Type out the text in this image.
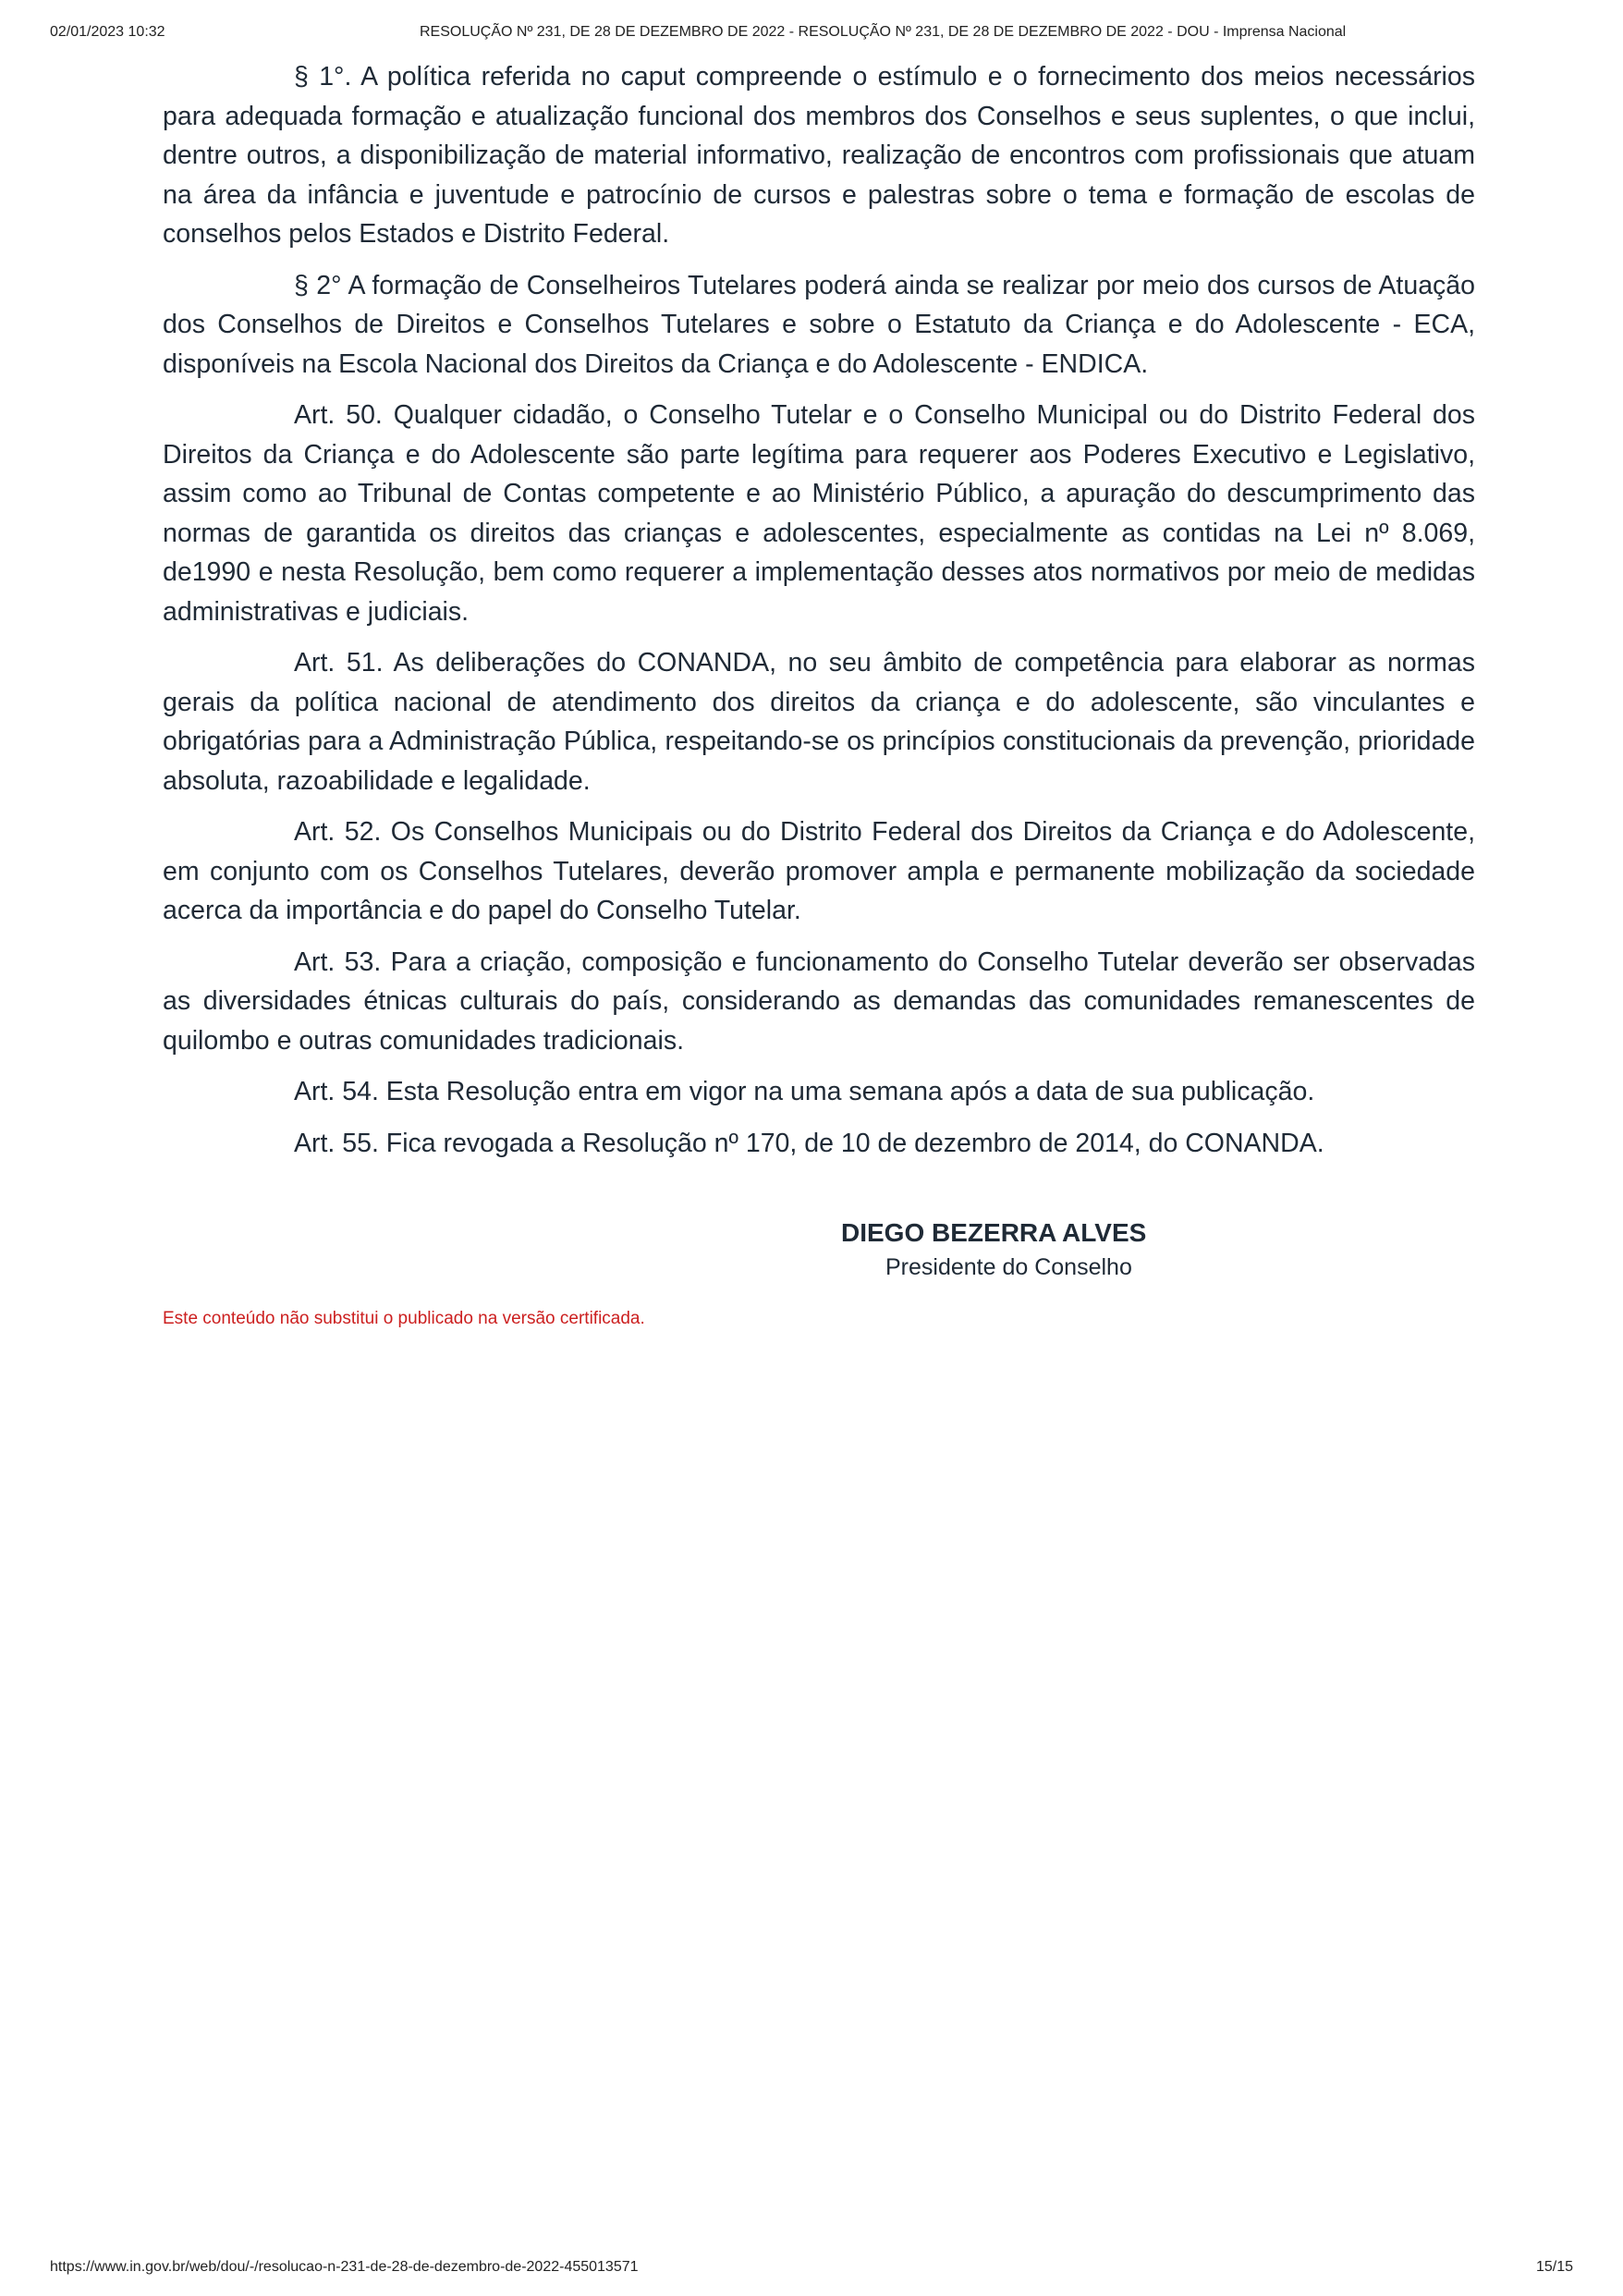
02/01/2023 10:32	RESOLUÇÃO Nº 231, DE 28 DE DEZEMBRO DE 2022 - RESOLUÇÃO Nº 231, DE 28 DE DEZEMBRO DE 2022 - DOU - Imprensa Nacional

§ 1°. A política referida no caput compreende o estímulo e o fornecimento dos meios necessários para adequada formação e atualização funcional dos membros dos Conselhos e seus suplentes, o que inclui, dentre outros, a disponibilização de material informativo, realização de encontros com profissionais que atuam na área da infância e juventude e patrocínio de cursos e palestras sobre o tema e formação de escolas de conselhos pelos Estados e Distrito Federal.

§ 2° A formação de Conselheiros Tutelares poderá ainda se realizar por meio dos cursos de Atuação dos Conselhos de Direitos e Conselhos Tutelares e sobre o Estatuto da Criança e do Adolescente - ECA, disponíveis na Escola Nacional dos Direitos da Criança e do Adolescente - ENDICA.

Art. 50. Qualquer cidadão, o Conselho Tutelar e o Conselho Municipal ou do Distrito Federal dos Direitos da Criança e do Adolescente são parte legítima para requerer aos Poderes Executivo e Legislativo, assim como ao Tribunal de Contas competente e ao Ministério Público, a apuração do descumprimento das normas de garantida os direitos das crianças e adolescentes, especialmente as contidas na Lei nº 8.069, de1990 e nesta Resolução, bem como requerer a implementação desses atos normativos por meio de medidas administrativas e judiciais.

Art. 51. As deliberações do CONANDA, no seu âmbito de competência para elaborar as normas gerais da política nacional de atendimento dos direitos da criança e do adolescente, são vinculantes e obrigatórias para a Administração Pública, respeitando-se os princípios constitucionais da prevenção, prioridade absoluta, razoabilidade e legalidade.

Art. 52. Os Conselhos Municipais ou do Distrito Federal dos Direitos da Criança e do Adolescente, em conjunto com os Conselhos Tutelares, deverão promover ampla e permanente mobilização da sociedade acerca da importância e do papel do Conselho Tutelar.

Art. 53. Para a criação, composição e funcionamento do Conselho Tutelar deverão ser observadas as diversidades étnicas culturais do país, considerando as demandas das comunidades remanescentes de quilombo e outras comunidades tradicionais.

Art. 54. Esta Resolução entra em vigor na uma semana após a data de sua publicação.

Art. 55. Fica revogada a Resolução nº 170, de 10 de dezembro de 2014, do CONANDA.

DIEGO BEZERRA ALVES

Presidente do Conselho

Este conteúdo não substitui o publicado na versão certificada.
https://www.in.gov.br/web/dou/-/resolucao-n-231-de-28-de-dezembro-de-2022-455013571	15/15
